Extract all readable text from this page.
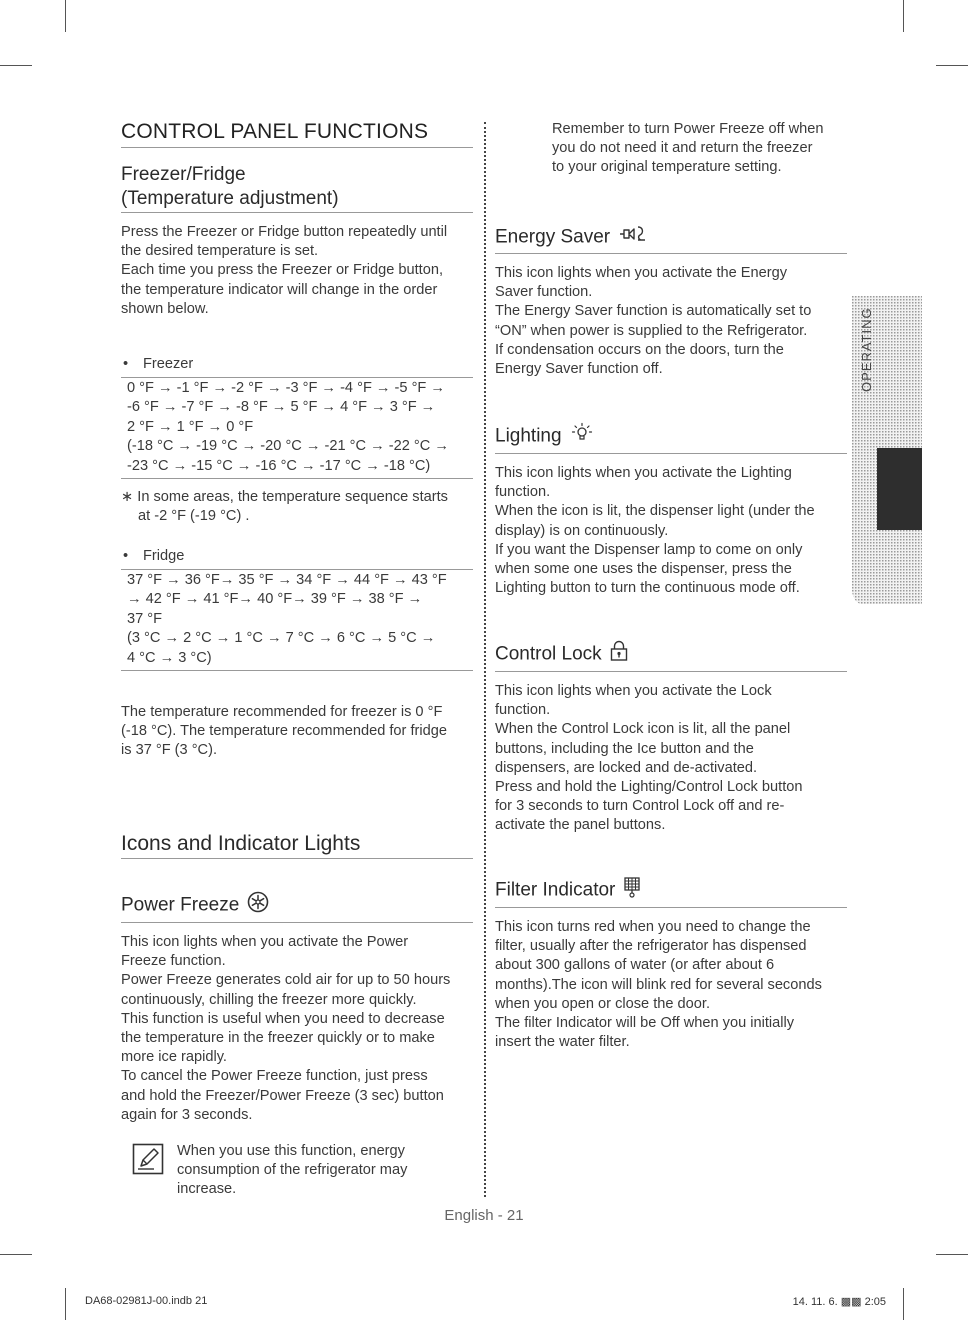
CONTROL PANEL FUNCTIONS
Freezer/Fridge
(Temperature adjustment)
Press the Freezer or Fridge button repeatedly until
the desired temperature is set.
Each time you press the Freezer or Fridge button,
the temperature indicator will change in the order
shown below.
• Freezer
0 °F → -1 °F → -2 °F → -3 °F → -4 °F → -5 °F →
-6 °F → -7 °F → -8 °F → 5 °F → 4 °F → 3 °F →
2 °F → 1 °F → 0 °F
(-18 °C → -19 °C → -20 °C → -21 °C → -22 °C →
-23 °C → -15 °C → -16 °C → -17 °C → -18 °C)
∗ In some areas, the temperature sequence starts
at -2 °F (-19 °C) .
• Fridge
37 °F → 36 °F→ 35 °F → 34 °F → 44 °F → 43 °F
→ 42 °F → 41 °F→ 40 °F→ 39 °F → 38 °F →
37 °F
(3 °C → 2 °C → 1 °C → 7 °C → 6 °C → 5 °C →
4 °C → 3 °C)
The temperature recommended for freezer is 0 °F
(-18 °C). The temperature recommended for fridge
is 37 °F (3 °C).
Icons and Indicator Lights
Power Freeze
This icon lights when you activate the Power
Freeze function.
Power Freeze generates cold air for up to 50 hours
continuously, chilling the freezer more quickly.
This function is useful when you need to decrease
the temperature in the freezer quickly or to make
more ice rapidly.
To cancel the Power Freeze function, just press
and hold the Freezer/Power Freeze (3 sec) button
again for 3 seconds.
When you use this function, energy
consumption of the refrigerator may
increase.
Remember to turn Power Freeze off when
you do not need it and return the freezer
to your original temperature setting.
Energy Saver
This icon lights when you activate the Energy
Saver function.
The Energy Saver function is automatically set to
“ON” when power is supplied to the Refrigerator.
If condensation occurs on the doors, turn the
Energy Saver function off.
Lighting
This icon lights when you activate the Lighting
function.
When the icon is lit, the dispenser light (under the
display) is on continuously.
If you want the Dispenser lamp to come on only
when some one uses the dispenser, press the
Lighting button to turn the continuous mode off.
Control Lock
This icon lights when you activate the Lock
function.
When the Control Lock icon is lit, all the panel
buttons, including the Ice button and the
dispensers, are locked and de-activated.
Press and hold the Lighting/Control Lock button
for 3 seconds to turn Control Lock off and re-
activate the panel buttons.
Filter Indicator
This icon turns red when you need to change the
filter, usually after the refrigerator has dispensed
about 300 gallons of water (or after about 6
months).The icon will blink red for several seconds
when you open or close the door.
The filter Indicator will be Off when you initially
insert the water filter.
OPERATING
English - 21
DA68-02981J-00.indb 21	14. 11. 6. ▩▩ 2:05
